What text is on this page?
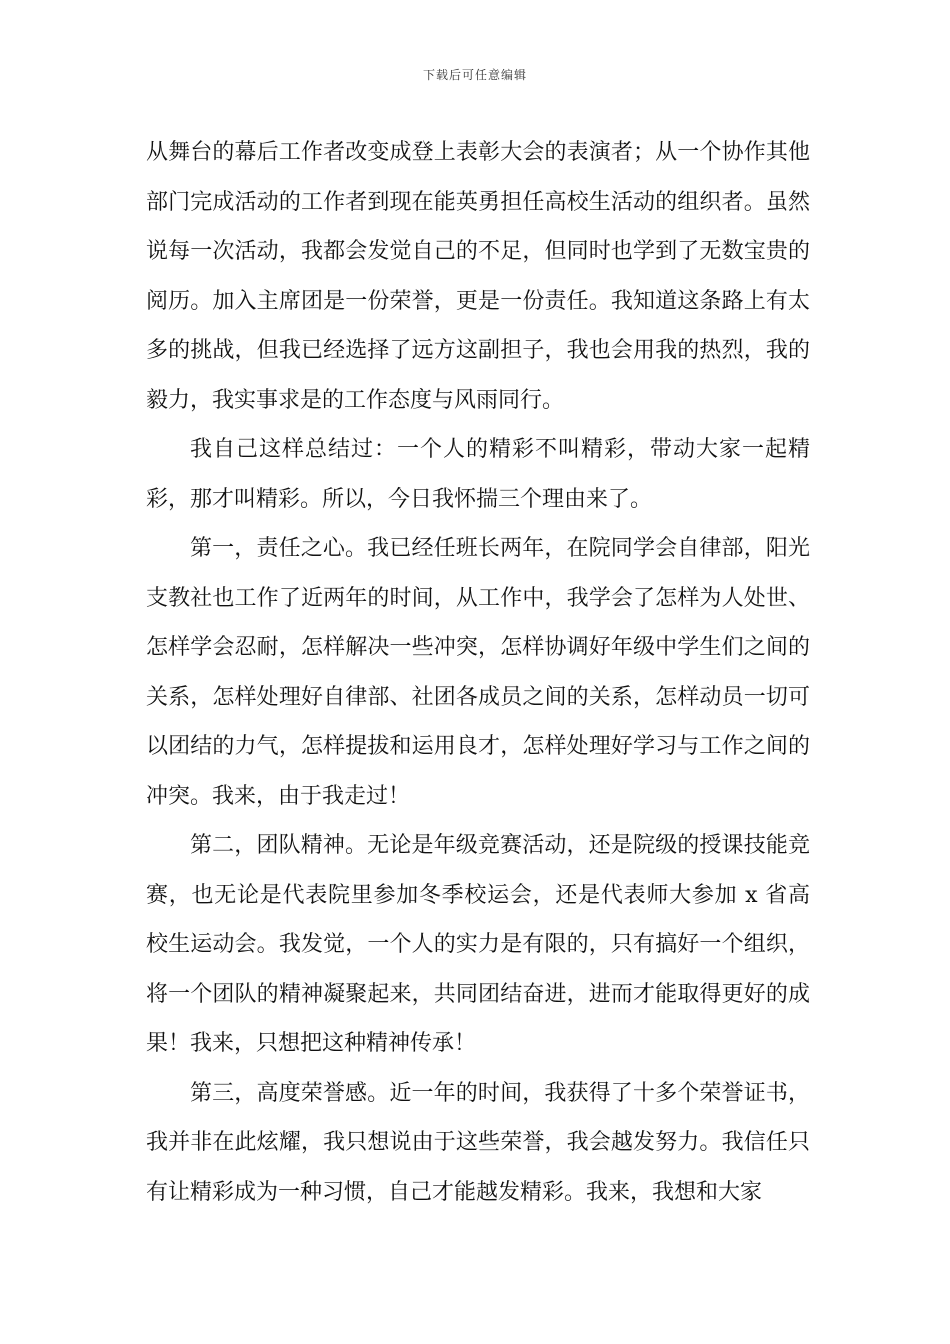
下载后可任意编辑

从舞台的幕后工作者改变成登上表彰大会的表演者；从一个协作其他部门完成活动的工作者到现在能英勇担任高校生活动的组织者。虽然说每一次活动，我都会发觉自己的不足，但同时也学到了无数宝贵的阅历。加入主席团是一份荣誉，更是一份责任。我知道这条路上有太多的挑战，但我已经选择了远方这副担子，我也会用我的热烈，我的毅力，我实事求是的工作态度与风雨同行。

我自己这样总结过：一个人的精彩不叫精彩，带动大家一起精彩，那才叫精彩。所以，今日我怀揣三个理由来了。

第一，责任之心。我已经任班长两年，在院同学会自律部，阳光支教社也工作了近两年的时间，从工作中，我学会了怎样为人处世、怎样学会忍耐，怎样解决一些冲突，怎样协调好年级中学生们之间的关系，怎样处理好自律部、社团各成员之间的关系，怎样动员一切可以团结的力气，怎样提拔和运用良才，怎样处理好学习与工作之间的冲突。我来，由于我走过！

第二，团队精神。无论是年级竞赛活动，还是院级的授课技能竞赛，也无论是代表院里参加冬季校运会，还是代表师大参加 x 省高校生运动会。我发觉，一个人的实力是有限的，只有搞好一个组织，将一个团队的精神凝聚起来，共同团结奋进，进而才能取得更好的成果！我来，只想把这种精神传承！

第三，高度荣誉感。近一年的时间，我获得了十多个荣誉证书，我并非在此炫耀，我只想说由于这些荣誉，我会越发努力。我信任只有让精彩成为一种习惯，自己才能越发精彩。我来，我想和大家
